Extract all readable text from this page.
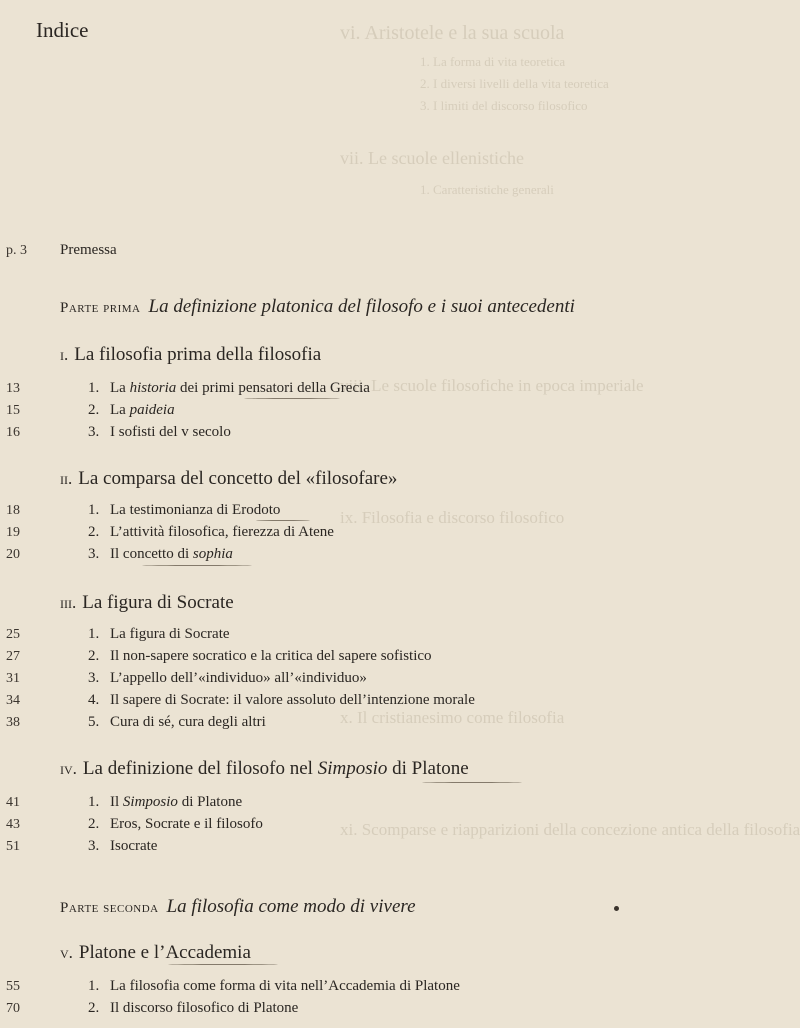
vi. Aristotele e la sua scuola
1. La forma di vita teoretica
2. I diversi livelli della vita teoretica
3. I limiti del discorso filosofico
vii. Le scuole ellenistiche
1. Caratteristiche generali
viii. Le scuole filosofiche in epoca imperiale
ix. Filosofia e discorso filosofico
x. Il cristianesimo come filosofia
xi. Scomparse e riapparizioni della concezione antica della filosofia
Indice
p. 3 Premessa
Parte prima La definizione platonica del filosofo e i suoi antecedenti
i. La filosofia prima della filosofia
13	1. La historia dei primi pensatori della Grecia
15	2. La paideia
16	3. I sofisti del v secolo
ii. La comparsa del concetto del «filosofare»
18	1. La testimonianza di Erodoto
19	2. L’attività filosofica, fierezza di Atene
20	3. Il concetto di sophia
iii. La figura di Socrate
25	1. La figura di Socrate
27	2. Il non-sapere socratico e la critica del sapere sofistico
31	3. L’appello dell’«individuo» all’«individuo»
34	4. Il sapere di Socrate: il valore assoluto dell’intenzione morale
38	5. Cura di sé, cura degli altri
iv. La definizione del filosofo nel Simposio di Platone
41	1. Il Simposio di Platone
43	2. Eros, Socrate e il filosofo
51	3. Isocrate
Parte seconda La filosofia come modo di vivere
v. Platone e l’Accademia
55	1. La filosofia come forma di vita nell’Accademia di Platone
70	2. Il discorso filosofico di Platone
